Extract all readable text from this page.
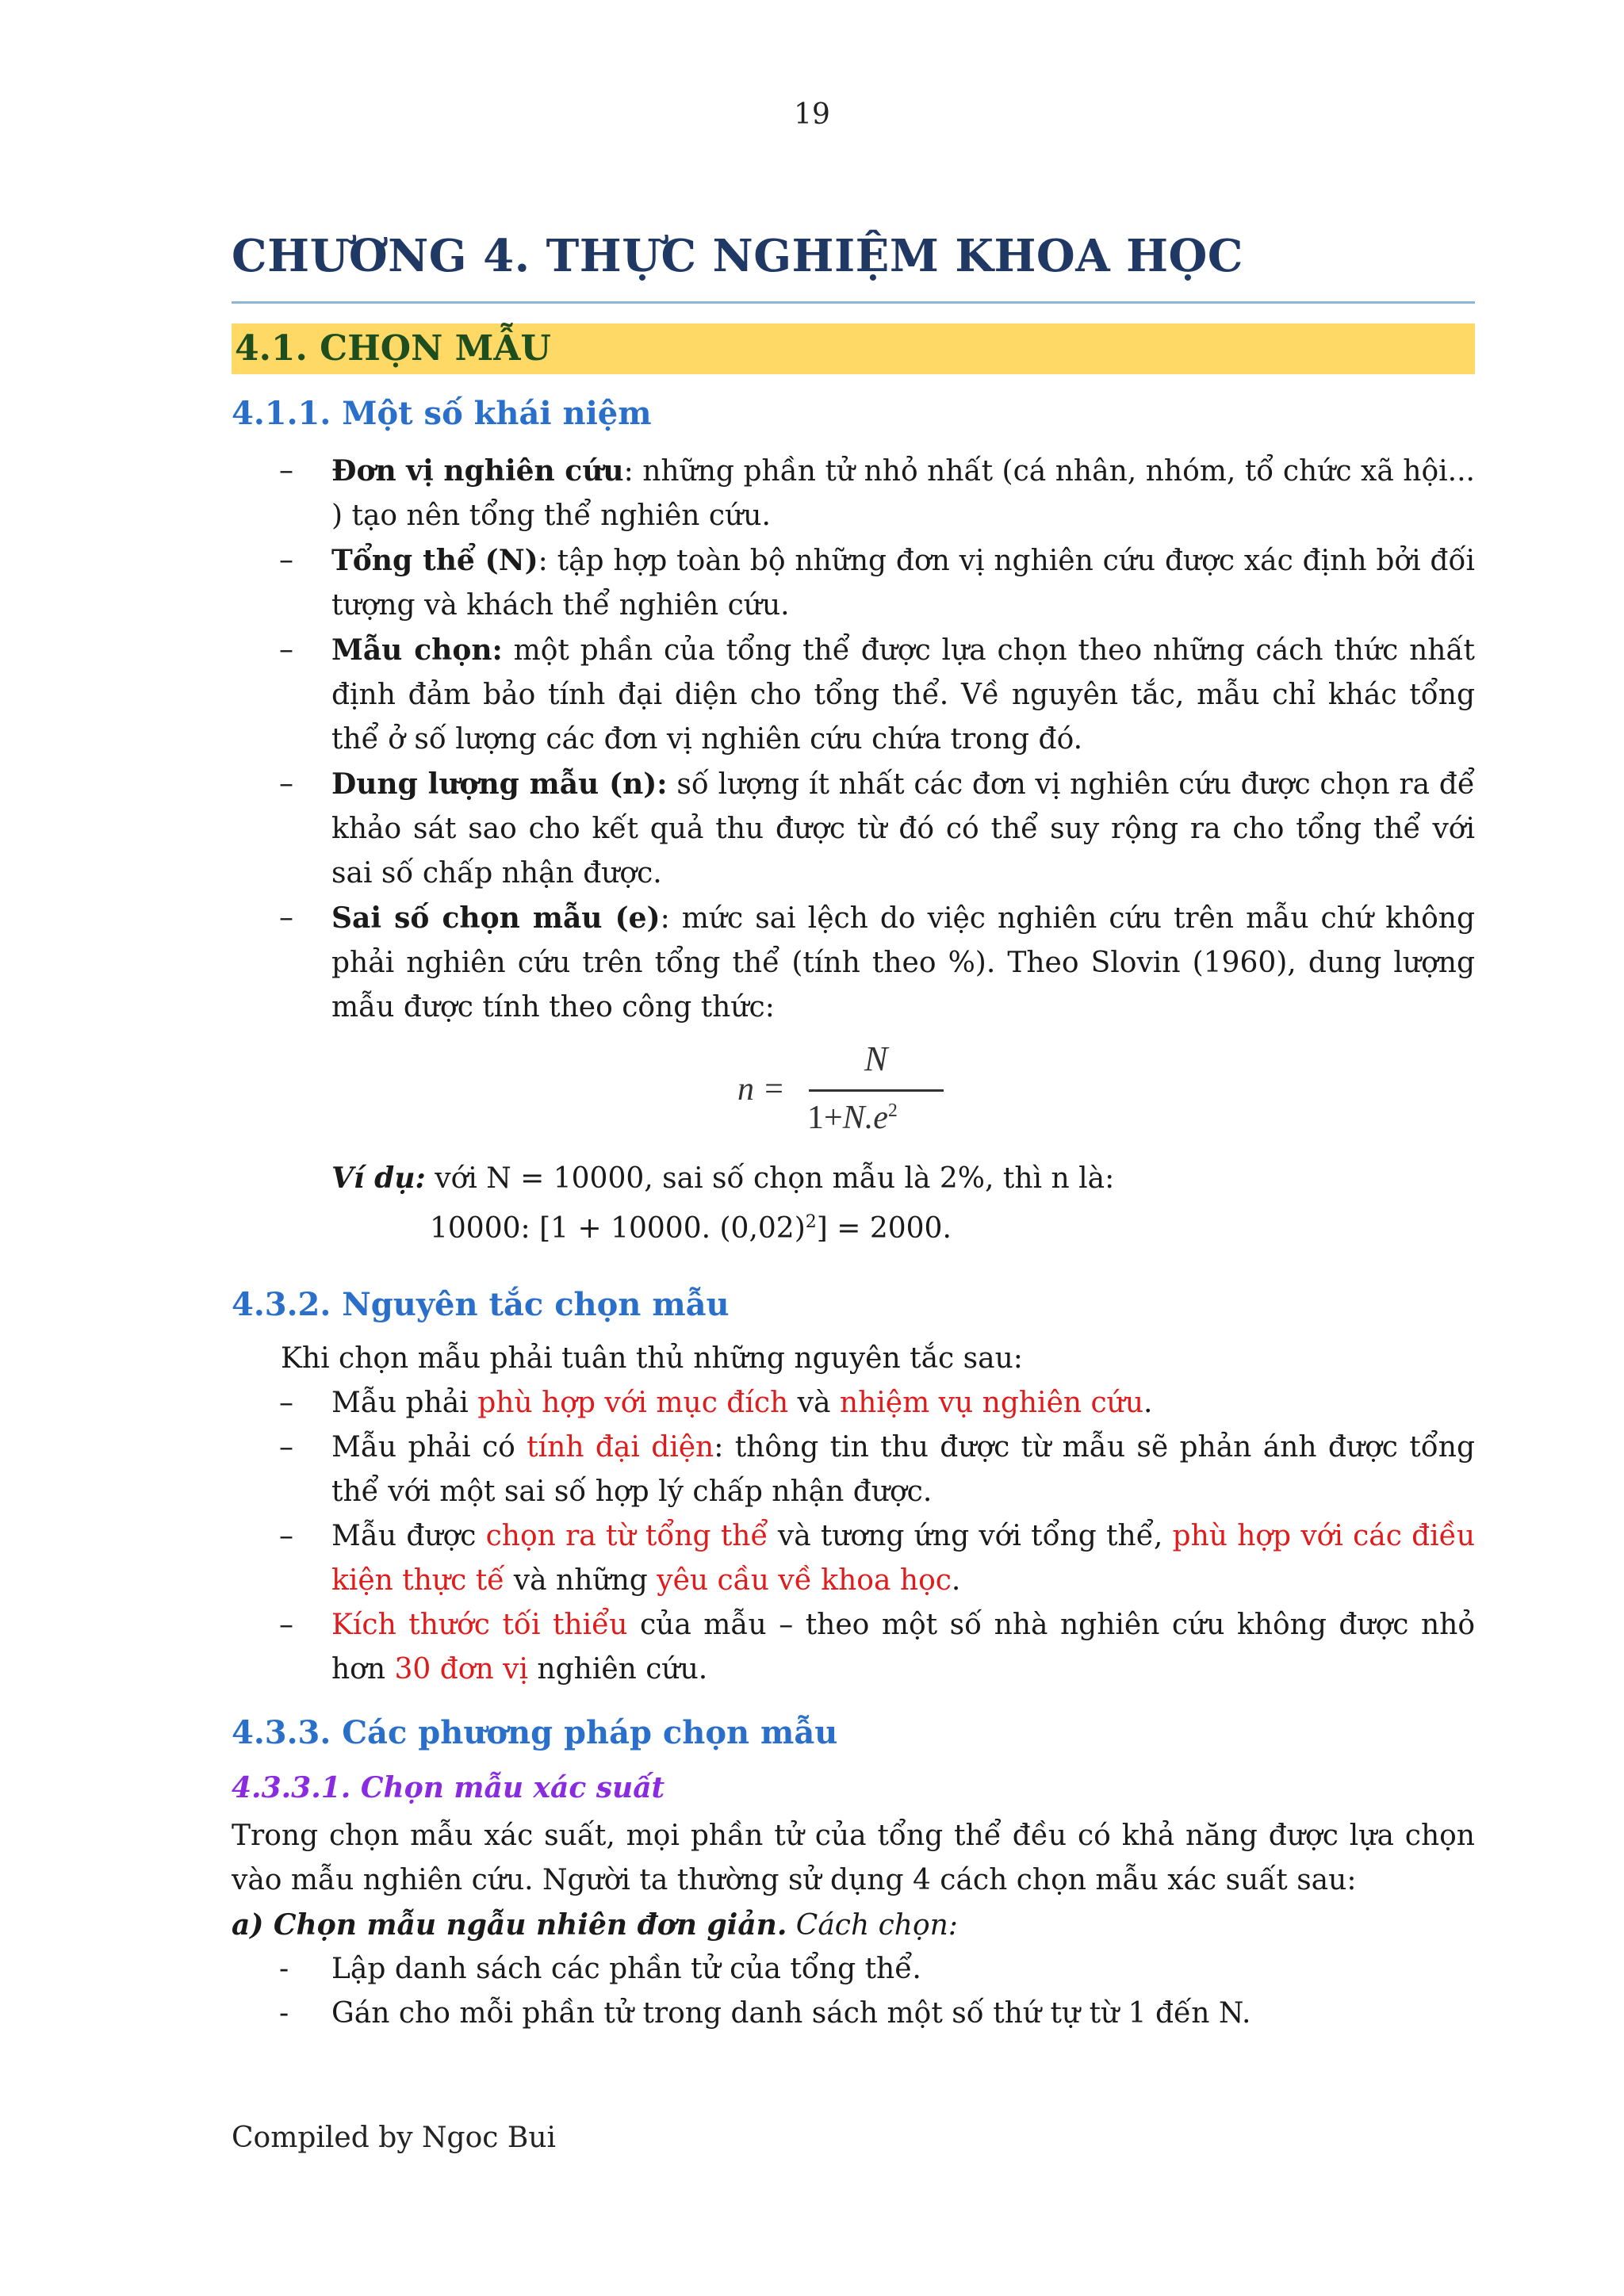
19
CHƯƠNG 4. THỰC NGHIỆM KHOA HỌC
4.1. CHỌN MẪU
4.1.1. Một số khái niệm
– Đơn vị nghiên cứu: những phần tử nhỏ nhất (cá nhân, nhóm, tổ chức xã hội... ) tạo nên tổng thể nghiên cứu.
– Tổng thể (N): tập hợp toàn bộ những đơn vị nghiên cứu được xác định bởi đối tượng và khách thể nghiên cứu.
– Mẫu chọn: một phần của tổng thể được lựa chọn theo những cách thức nhất định đảm bảo tính đại diện cho tổng thể. Về nguyên tắc, mẫu chỉ khác tổng thể ở số lượng các đơn vị nghiên cứu chứa trong đó.
– Dung lượng mẫu (n): số lượng ít nhất các đơn vị nghiên cứu được chọn ra để khảo sát sao cho kết quả thu được từ đó có thể suy rộng ra cho tổng thể với sai số chấp nhận được.
– Sai số chọn mẫu (e): mức sai lệch do việc nghiên cứu trên mẫu chứ không phải nghiên cứu trên tổng thể (tính theo %). Theo Slovin (1960), dung lượng mẫu được tính theo công thức:
n =
N
$1+N.e^2$
Ví dụ: với N = 10000, sai số chọn mẫu là 2%, thì n là:
10000: [1 + 10000. $(0,02)^2] = 2000$.
4.3.2. Nguyên tắc chọn mẫu

Khi chọn mẫu phải tuân thủ những nguyên tắc sau:

– Mẫu phải phù hợp với mục đích và nhiệm vụ nghiên cứu.
– Mẫu phải có tính đại diện: thông tin thu được từ mẫu sẽ phản ánh được tổng thể với một sai số hợp lý chấp nhận được.
– Mẫu được chọn ra từ tổng thể và tương ứng với tổng thể, phù hợp với các điều kiện thực tế và những yêu cầu về khoa học.
– Kích thước tối thiểu của mẫu – theo một số nhà nghiên cứu không được nhỏ hơn 30 đơn vị nghiên cứu.
4.3.3. Các phương pháp chọn mẫu
4.3.3.1. Chọn mẫu xác suất

Trong chọn mẫu xác suất, mọi phần tử của tổng thể đều có khả năng được lựa chọn vào mẫu nghiên cứu. Người ta thường sử dụng 4 cách chọn mẫu xác suất sau:

a) Chọn mẫu ngẫu nhiên đơn giản. Cách chọn:
- Lập danh sách các phần tử của tổng thể.
- Gán cho mỗi phần tử trong danh sách một số thứ tự từ 1 đến N.
Compiled by Ngoc Bui
